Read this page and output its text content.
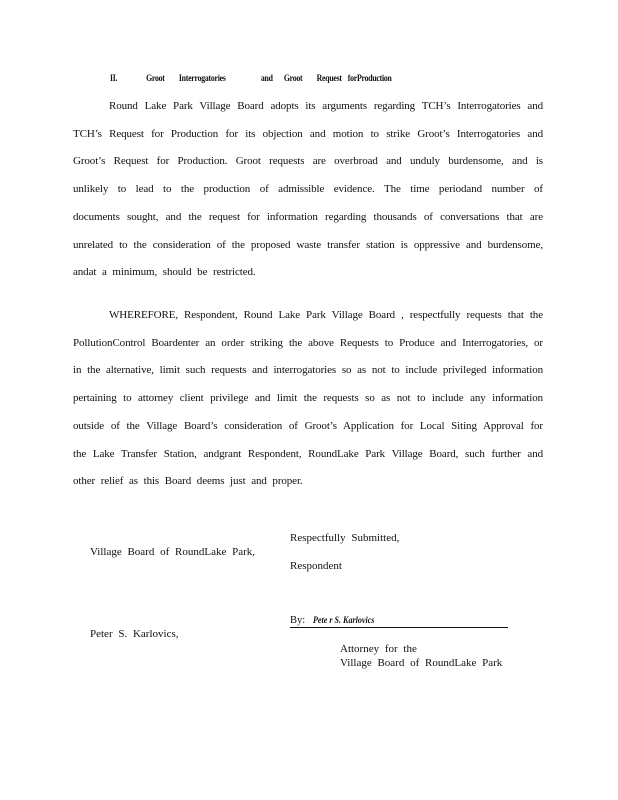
II.	Groot Interrogatories	and Groot Request forProduction

Round Lake Park Village Board adopts its arguments regarding TCH’s Interrogatories and TCH’s Request for Production for its objection and motion to strike Groot’s Interrogatories and Groot’s Request for Production. Groot requests are overbroad and unduly burdensome, and is unlikely to lead to the production of admissible evidence. The time periodand number of documents sought, and the request for information regarding thousands of conversations that are unrelated to the consideration of the proposed waste transfer station is oppressive and burdensome, andat a minimum, should be restricted.

WHEREFORE, Respondent, Round Lake Park Village Board , respectfully requests that the PollutionControl Boardenter an order striking the above Requests to Produce and Interrogatories, or in the alternative, limit such requests and interrogatories so as not to include privileged information pertaining to attorney client privilege and limit the requests so as not to include any information outside of the Village Board’s consideration of Groot’s Application for Local Siting Approval for the Lake Transfer Station, andgrant Respondent, RoundLake Park Village Board, such further and other relief as this Board deems just and proper.

Respectfully Submitted,
Village Board of RoundLake Park,
Respondent
By: Pete r S. Karlovics
Peter S. Karlovics,
Attorney for the
Village Board of RoundLake Park
